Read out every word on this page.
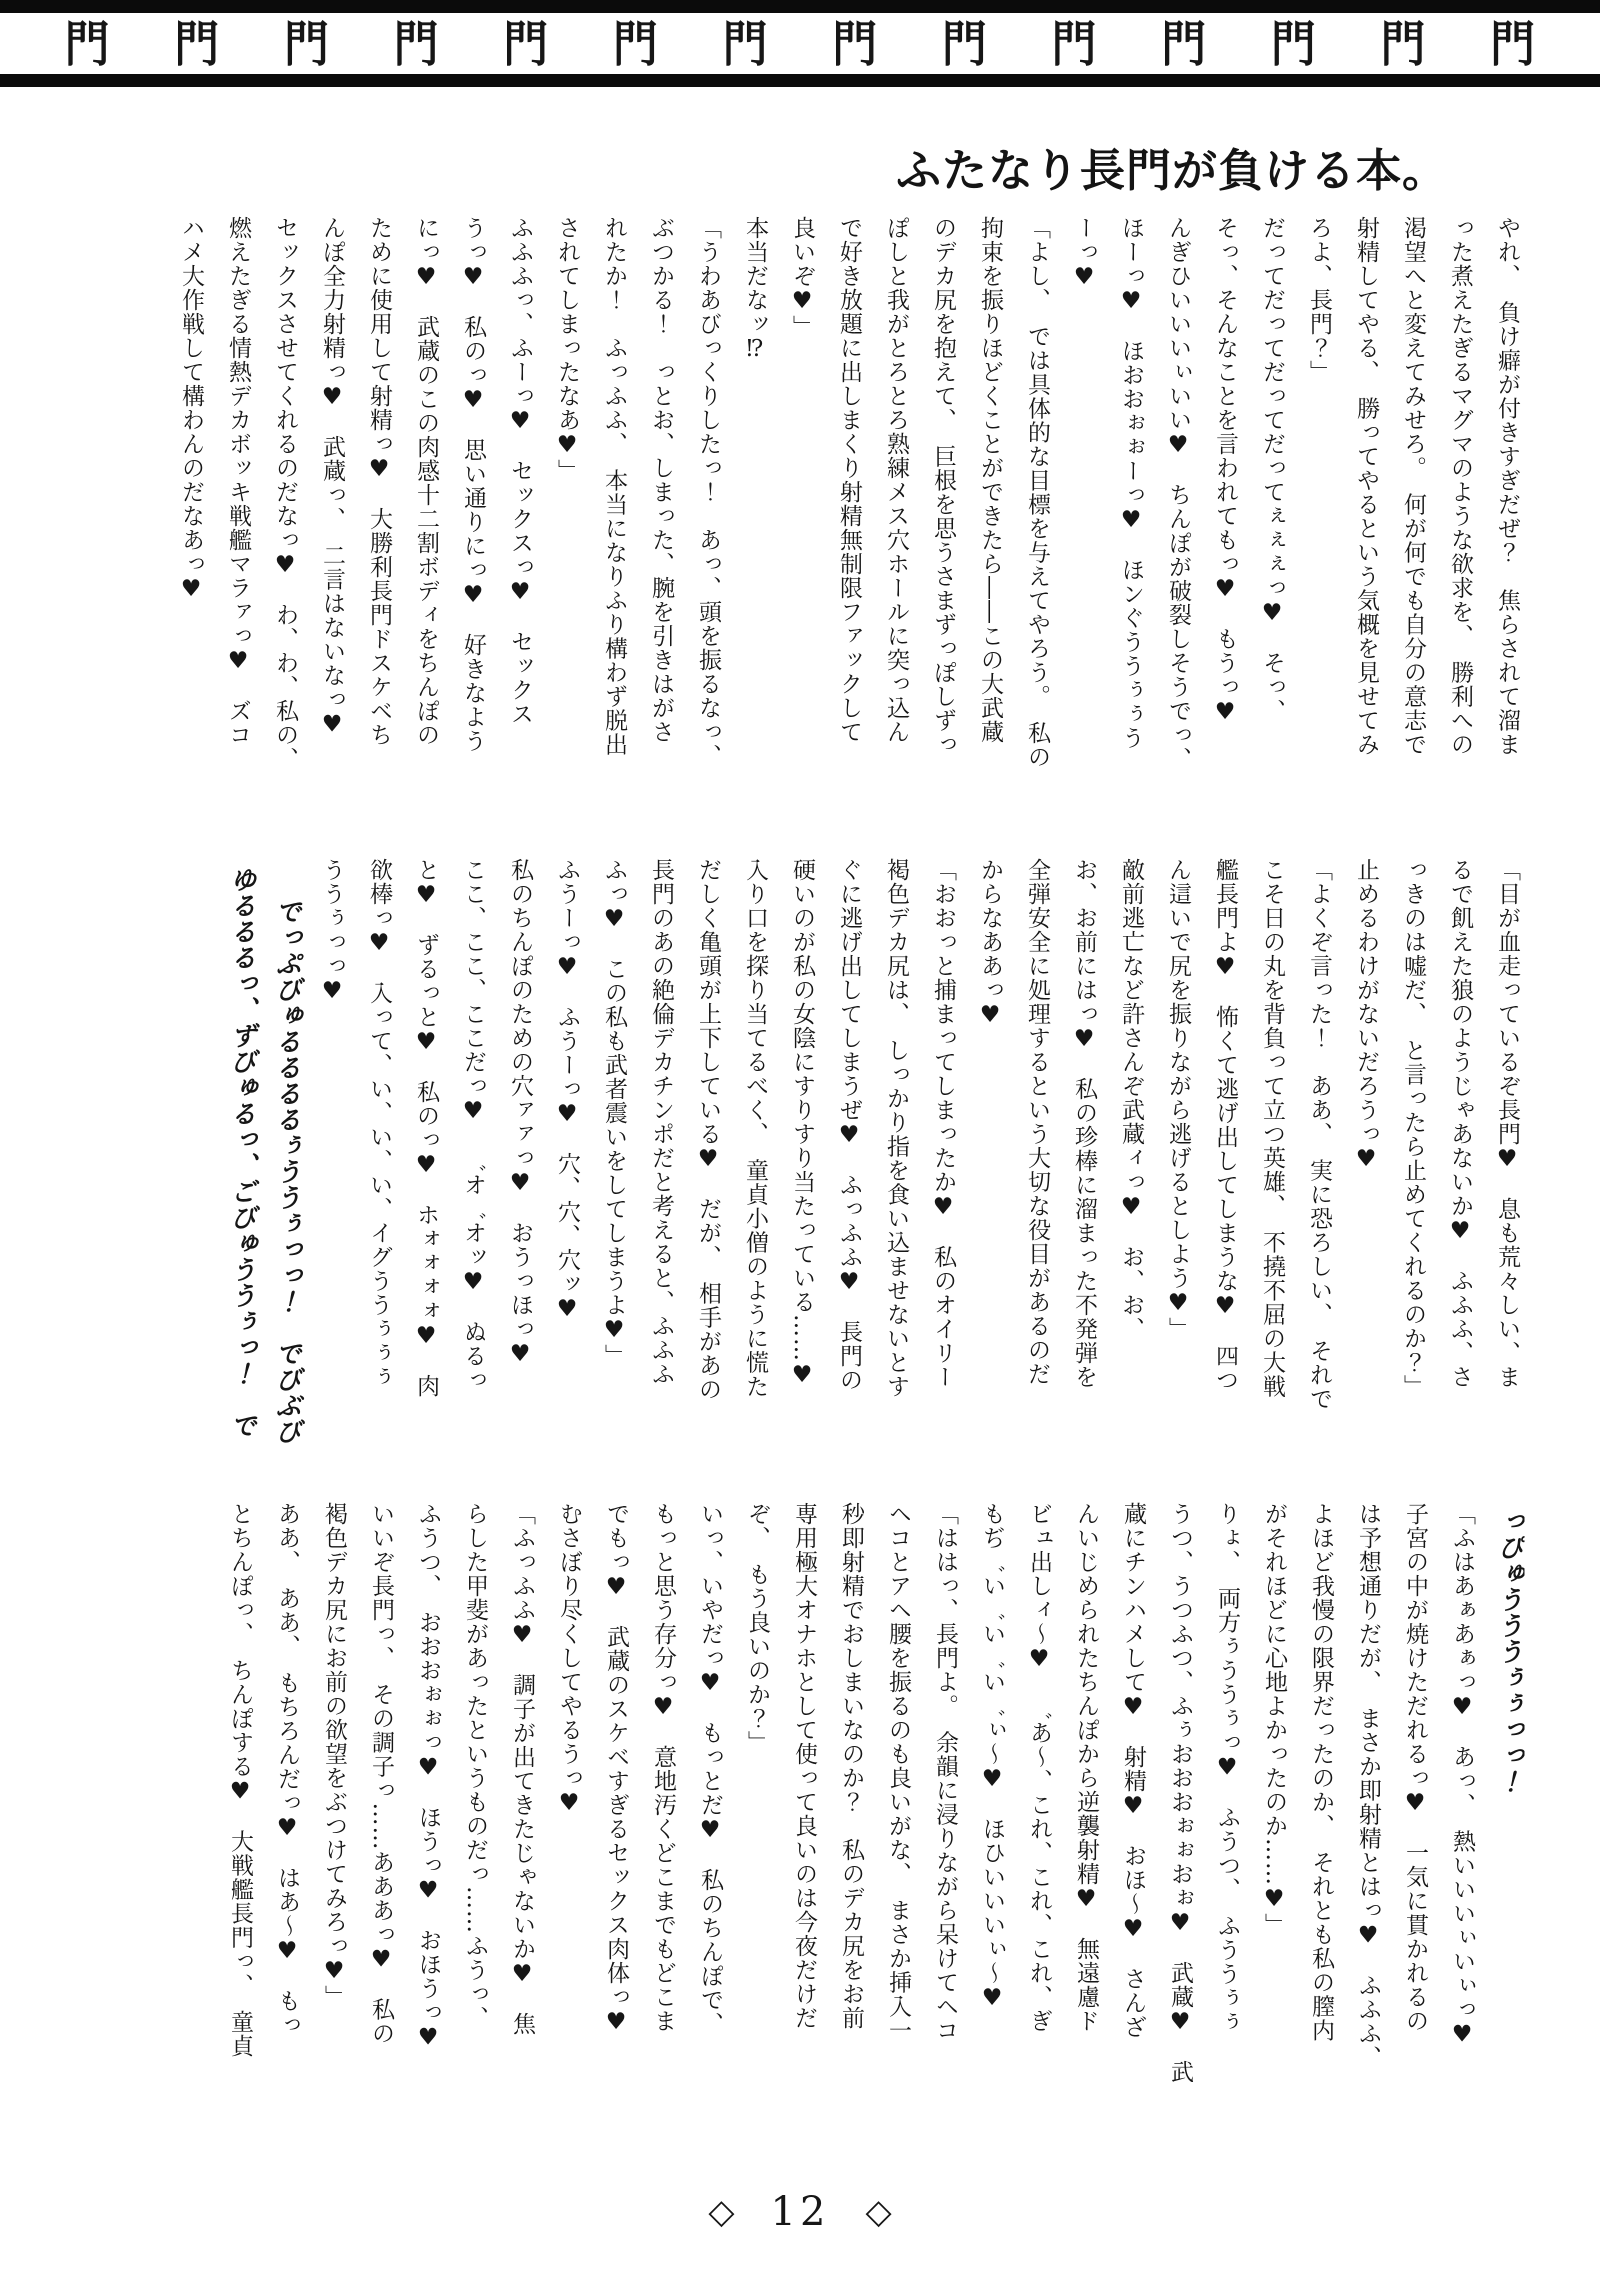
門 門 門 門 門 門 門 門 門 門 門 門 門 門
ふたなり長門が負ける本。
やれ、　負け癖が付きすぎだぜ？　焦らされて溜ま
った煮えたぎるマグマのような欲求を、　勝利への
渇望へと変えてみせろ。　何が何でも自分の意志で
射精してやる、　勝ってやるという気概を見せてみ
ろよ、長門？」
だってだってだってだってぇぇぇっ♥　そっ、
そっ、そんなことを言われてもっ♥　もうっ♥
んぎひいいいぃいい♥　ちんぽが破裂しそうでっ、
ほーっ♥　ほおおぉぉーっ♥　ほンぐううぅぅう
ーっ♥
「よし、　では具体的な目標を与えてやろう。　私の
拘束を振りほどくことができたら――この大武蔵
のデカ尻を抱えて、　巨根を思うさまずっぽしずっ
ぽしと我がとろとろ熟練メス穴ホールに突っ込ん
で好き放題に出しまくり射精無制限ファックして
良いぞ♥」
本当だなッ⁉
「うわあびっくりしたっ！　あっ、頭を振るなっ、
ぶつかる！　っとお、しまった、腕を引きはがさ
れたか！　ふっふふ、　本当になりふり構わず脱出
されてしまったなあ♥」
ふふふっ、ふーっ♥　セックスっ♥　セックス
うっ♥　私のっ♥　思い通りにっ♥　好きなよう
にっ♥　武蔵のこの肉感十二割ボディをちんぽの
ために使用して射精っ♥　大勝利長門ドスケベち
んぽ全力射精っ♥　武蔵っ、　二言はないなっ♥
セックスさせてくれるのだなっ♥　わ、わ、私の、
燃えたぎる情熱デカボッキ戦艦マラァっ♥　ズコ
ハメ大作戦して構わんのだなあっ♥
「目が血走っているぞ長門♥　息も荒々しい、ま
るで飢えた狼のようじゃあないか♥　ふふふ、さ
っきのは嘘だ、　と言ったら止めてくれるのか？」
止めるわけがないだろうっ♥
「よくぞ言った！　ああ、　実に恐ろしい、　それで
こそ日の丸を背負って立つ英雄、　不撓不屈の大戦
艦長門よ♥　怖くて逃げ出してしまうな♥　四つ
ん這いで尻を振りながら逃げるとしよう♥」
敵前逃亡など許さんぞ武蔵ィっ♥　お、お、
お、お前にはっ♥　私の珍棒に溜まった不発弾を
全弾安全に処理するという大切な役目があるのだ
からなああっ♥
「おおっと捕まってしまったか♥　私のオイリー
褐色デカ尻は、　しっかり指を食い込ませないとす
ぐに逃げ出してしまうぜ♥　ふっふふ♥　長門の
硬いのが私の女陰にすりすり当たっている……♥
入り口を探り当てるべく、　童貞小僧のように慌た
だしく亀頭が上下している♥　だが、　相手があの
長門のあの絶倫デカチンポだと考えると、ふふふ
ふっ♥　この私も武者震いをしてしまうよ♥」
ふうーっ♥　ふうーっ♥　穴、穴、穴ッ♥
私のちんぽのための穴ァァっ♥　おうっほっ♥
ここ、ここ、ここだっ♥　゛オ゛オッ♥　ぬるっ
と♥　ずるっと♥　私のっ♥　ホォォォォ♥　肉
欲棒っ♥　入って、い、い、い、イグううぅぅぅ
ううぅっっ♥
でっぷびゅるるるるぅううぅっっ！　でびぶび
ゆるるるっ、ずびゅるっ、ごびゅううぅっ！　で
っぴゅうううぅぅっっ！
「ふはあぁあぁっ♥　あっ、　熱いいいぃいぃっ♥
子宮の中が焼けただれるっ♥　一気に貫かれるの
は予想通りだが、　まさか即射精とはっ♥　ふふふ、
よほど我慢の限界だったのか、　それとも私の膣内
がそれほどに心地よかったのか……♥」
りょ、　両方ぅううぅっ♥　ふうつ、　ふううぅぅ
うつ、うつふつ、ふぅおおおぉぉおぉ♥　武蔵♥　武
蔵にチンハメして♥　射精♥　おほ～♥　さんざ
んいじめられたちんぽから逆襲射精♥　無遠慮ド
ビュ出しィ～♥　゛あ～、これ、これ、これ、ぎ
もぢ゛い゛い゛い゛ぃ～♥　ほひいいいぃ～♥
「ははっ、長門よ。　余韻に浸りながら呆けてヘコ
ヘコとアヘ腰を振るのも良いがな、　まさか挿入一
秒即射精でおしまいなのか？　私のデカ尻をお前
専用極大オナホとして使って良いのは今夜だけだ
ぞ、　もう良いのか？」
いっ、いやだっ♥　もっとだ♥　私のちんぽで、
もっと思う存分っ♥　意地汚くどこまでもどこま
でもっ♥　武蔵のスケベすぎるセックス肉体っ♥
むさぼり尽くしてやるうっ♥
「ふっふふ♥　調子が出てきたじゃないか♥　焦
らした甲斐があったというものだっ……ふうっ、
ふうつ、　おおおぉぉっ♥　ほうっ♥　おほうっ♥
いいぞ長門っ、　その調子っ……あああっ♥　私の
褐色デカ尻にお前の欲望をぶつけてみろっ♥」
ああ、　ああ、　もちろんだっ♥　はあ～♥　もっ
とちんぽっ、　ちんぽする♥　大戦艦長門っ、　童貞
◇ 12 ◇
